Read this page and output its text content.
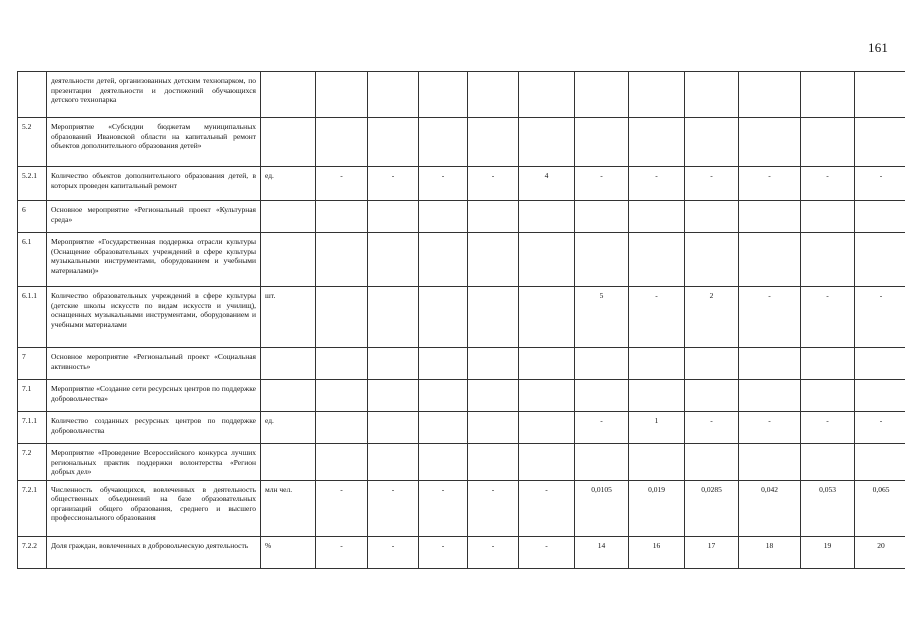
161
	деятельности детей, организованных детским технопарком, по презентации деятельности и достижений обучающихся детского технопарка													
5.2	Мероприятие «Субсидии бюджетам муниципальных образований Ивановской области на капитальный ремонт объектов дополнительного образования детей»													
5.2.1	Количество объектов дополнительного образования детей, в которых проведен капитальный ремонт	ед.	-	-	-	-	4	-	-	-	-	-	-	
6	Основное мероприятие «Региональный проект «Культурная среда»													
6.1	Мероприятие «Государственная поддержка отрасли культуры (Оснащение образовательных учреждений в сфере культуры музыкальными инструментами, оборудованием и учебными материалами)»													
6.1.1	Количество образовательных учреждений в сфере культуры (детские школы искусств по видам искусств и училищ), оснащенных музыкальными инструментами, оборудованием и учебными материалами	шт.						5	-	2	-	-	-	
7	Основное мероприятие «Региональный проект «Социальная активность»													
7.1	Мероприятие «Создание сети ресурсных центров по поддержке добровольчества»													
7.1.1	Количество созданных ресурсных центров по поддержке добровольчества	ед.						-	1	-	-	-	-	
7.2	Мероприятие «Проведение Всероссийского конкурса лучших региональных практик поддержки волонтерства «Регион добрых дел»													
7.2.1	Численность обучающихся, вовлеченных в деятельность общественных объединений на базе образовательных организаций общего образования, среднего и высшего профессионального образования	млн чел.	-	-	-	-	-	0,0105	0,019	0,0285	0,042	0,053	0,065	
7.2.2	Доля граждан, вовлеченных в добровольческую деятельность	%	-	-	-	-	-	14	16	17	18	19	20	
